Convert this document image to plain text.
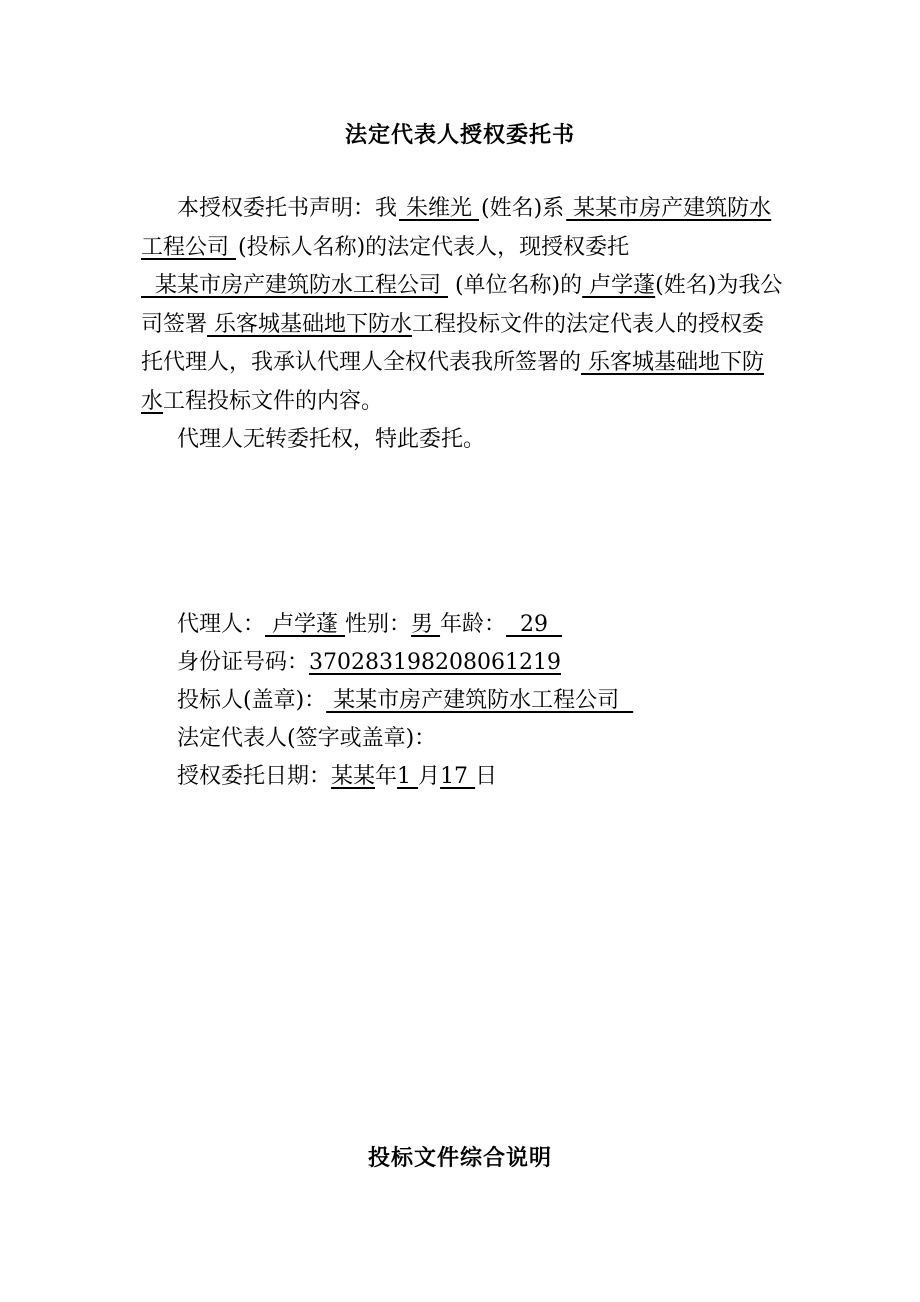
法定代表人授权委托书

本授权委托书声明：我 朱维光 (姓名)系 某某市房产建筑防水工程公司 (投标人名称)的法定代表人，现授权委托  某某市房产建筑防水工程公司  (单位名称)的 卢学蓬(姓名)为我公司签署 乐客城基础地下防水工程投标文件的法定代表人的授权委托代理人，我承认代理人全权代表我所签署的 乐客城基础地下防水工程投标文件的内容。

代理人无转委托权，特此委托。

代理人： 卢学蓬 性别：男 年龄：  29
身份证号码：370283198208061219
投标人(盖章)： 某某市房产建筑防水工程公司
法定代表人(签字或盖章)：
授权委托日期：某某年1 月17 日
投标文件综合说明
